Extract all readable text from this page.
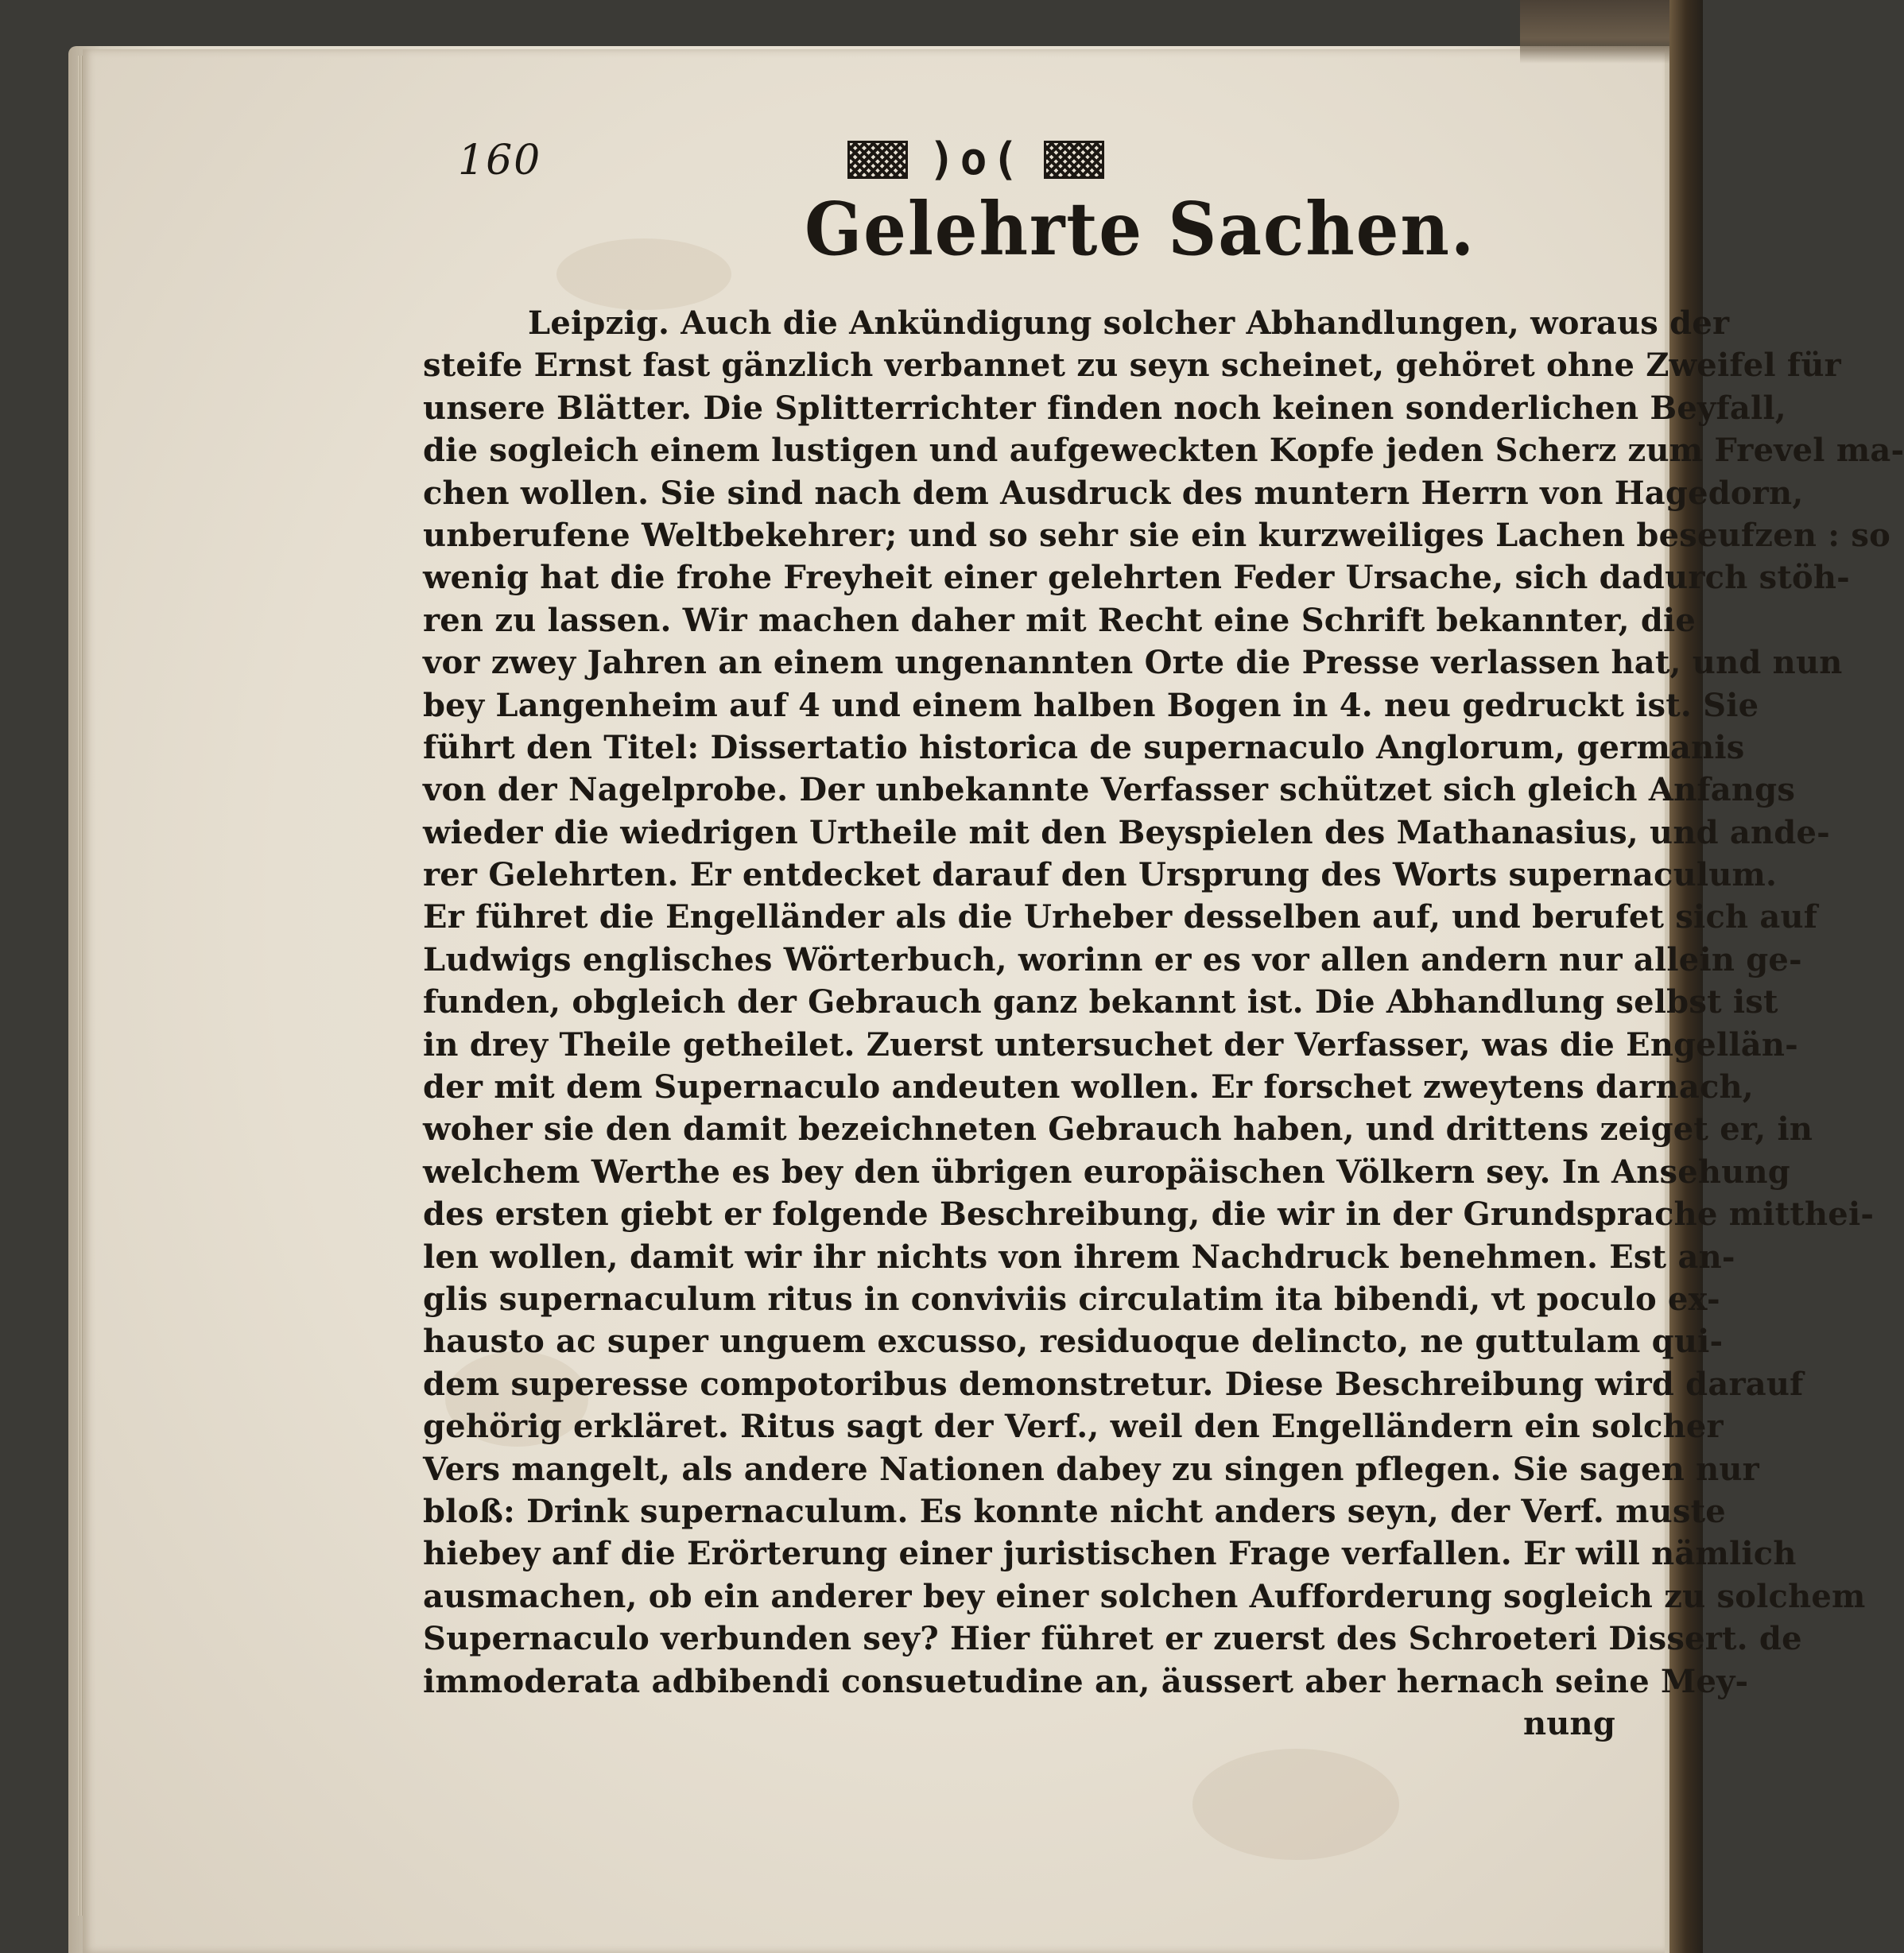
160	)o(
Gelehrte Sachen.
Leipzig. Auch die Ankündigung solcher Abhandlungen, woraus der
steife Ernst fast gänzlich verbannet zu seyn scheinet, gehöret ohne Zweifel für
unsere Blätter. Die Splitterrichter finden noch keinen sonderlichen Beyfall,
die sogleich einem lustigen und aufgeweckten Kopfe jeden Scherz zum Frevel ma-
chen wollen. Sie sind nach dem Ausdruck des muntern Herrn von Hagedorn,
unberufene Weltbekehrer; und so sehr sie ein kurzweiliges Lachen beseufzen : so
wenig hat die frohe Freyheit einer gelehrten Feder Ursache, sich dadurch stöh-
ren zu lassen. Wir machen daher mit Recht eine Schrift bekannter, die
vor zwey Jahren an einem ungenannten Orte die Presse verlassen hat, und nun
bey Langenheim auf 4 und einem halben Bogen in 4. neu gedruckt ist. Sie
führt den Titel: Dissertatio historica de supernaculo Anglorum, germanis
von der Nagelprobe. Der unbekannte Verfasser schützet sich gleich Anfangs
wieder die wiedrigen Urtheile mit den Beyspielen des Mathanasius, und ande-
rer Gelehrten. Er entdecket darauf den Ursprung des Worts supernaculum.
Er führet die Engelländer als die Urheber desselben auf, und berufet sich auf
Ludwigs englisches Wörterbuch, worinn er es vor allen andern nur allein ge-
funden, obgleich der Gebrauch ganz bekannt ist. Die Abhandlung selbst ist
in drey Theile getheilet. Zuerst untersuchet der Verfasser, was die Engellän-
der mit dem Supernaculo andeuten wollen. Er forschet zweytens darnach,
woher sie den damit bezeichneten Gebrauch haben, und drittens zeiget er, in
welchem Werthe es bey den übrigen europäischen Völkern sey. In Ansehung
des ersten giebt er folgende Beschreibung, die wir in der Grundsprache mitthei-
len wollen, damit wir ihr nichts von ihrem Nachdruck benehmen. Est an-
glis supernaculum ritus in conviviis circulatim ita bibendi, vt poculo ex-
hausto ac super unguem excusso, residuoque delincto, ne guttulam qui-
dem superesse compotoribus demonstretur. Diese Beschreibung wird darauf
gehörig erkläret. Ritus sagt der Verf., weil den Engelländern ein solcher
Vers mangelt, als andere Nationen dabey zu singen pflegen. Sie sagen nur
bloß: Drink supernaculum. Es konnte nicht anders seyn, der Verf. muste
hiebey anf die Erörterung einer juristischen Frage verfallen. Er will nämlich
ausmachen, ob ein anderer bey einer solchen Aufforderung sogleich zu solchem
Supernaculo verbunden sey? Hier führet er zuerst des Schroeteri Dissert. de
immoderata adbibendi consuetudine an, äussert aber hernach seine Mey-
nung
